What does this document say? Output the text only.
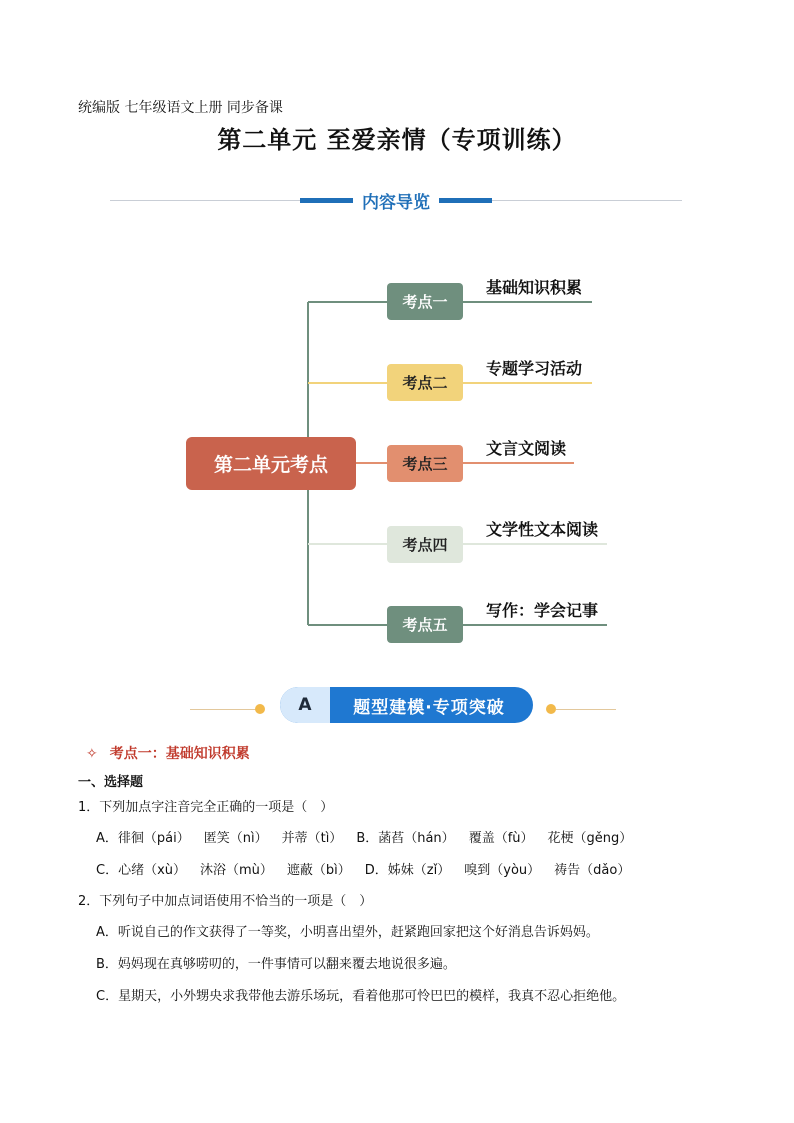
统编版 七年级语文上册 同步备课
第二单元 至爱亲情（专项训练）
内容导览
第二单元考点
考点一
考点二
考点三
考点四
考点五
基础知识积累
专题学习活动
文言文阅读
文学性文本阅读
写作：学会记事
A	题型建模·专项突破
✧ 考点一：基础知识积累
一、选择题
1．下列加点字注音完全正确的一项是（　）
A．徘徊（pái） 匿笑（nì） 并蒂（tì） B．菡萏（hán） 覆盖（fù） 花梗（gěng）
C．心绪（xù） 沐浴（mù） 遮蔽（bì） D．姊妹（zǐ） 嗅到（yòu） 祷告（dǎo）
2．下列句子中加点词语使用不恰当的一项是（　）
A．听说自己的作文获得了一等奖，小明喜出望外，赶紧跑回家把这个好消息告诉妈妈。
B．妈妈现在真够唠叨的，一件事情可以翻来覆去地说很多遍。
C．星期天，小外甥央求我带他去游乐场玩，看着他那可怜巴巴的模样，我真不忍心拒绝他。
